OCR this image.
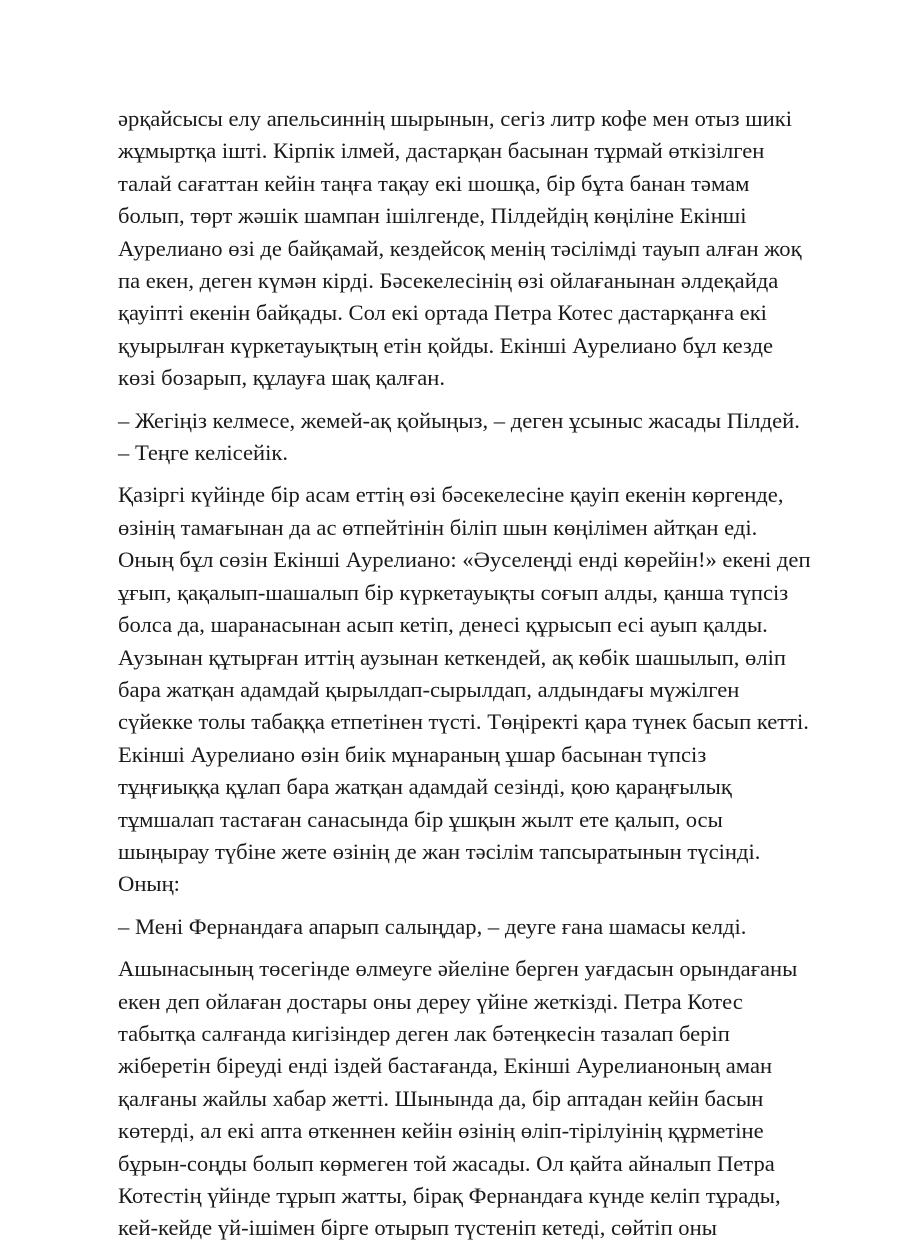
әрқайсысы елу апельсиннің шырынын, сегіз литр кофе мен отыз шикі
жұмыртқа ішті. Кірпік ілмей, дастарқан басынан тұрмай өткізілген
талай сағаттан кейін таңға тақау екі шошқа, бір бұта банан тәмам
болып, төрт жәшік шампан ішілгенде, Пілдейдің көңіліне Екінші
Аурелиано өзі де байқамай, кездейсоқ менің тәсілімді тауып алған жоқ
па екен, деген күмән кірді. Бәсекелесінің өзі ойлағанынан әлдеқайда
қауіпті екенін байқады. Сол екі ортада Петра Котес дастарқанға екі
қуырылған күркетауықтың етін қойды. Екінші Аурелиано бұл кезде
көзі бозарып, құлауға шақ қалған.

– Жегіңіз келмесе, жемей-ақ қойыңыз, – деген ұсыныс жасады Пілдей.
– Теңге келісейік.

Қазіргі күйінде бір асам еттің өзі бәсекелесіне қауіп екенін көргенде,
өзінің тамағынан да ас өтпейтінін біліп шын көңілімен айтқан еді.
Оның бұл сөзін Екінші Аурелиано: «Әуселеңді енді көрейін!» екені деп
ұғып, қақалып-шашалып бір күркетауықты соғып алды, қанша түпсіз
болса да, шаранасынан асып кетіп, денесі құрысып есі ауып қалды.
Аузынан құтырған иттің аузынан кеткендей, ақ көбік шашылып, өліп
бара жатқан адамдай қырылдап-сырылдап, алдындағы мүжілген
сүйекке толы табаққа етпетінен түсті. Төңіректі қара түнек басып кетті.
Екінші Аурелиано өзін биік мұнараның ұшар басынан түпсіз
тұңғиыққа құлап бара жатқан адамдай сезінді, қою қараңғылық
тұмшалап тастаған санасында бір ұшқын жылт ете қалып, осы
шыңырау түбіне жете өзінің де жан тәсілім тапсыратынын түсінді.
Оның:

– Мені Фернандаға апарып салыңдар, – деуге ғана шамасы келді.

Ашынасының төсегінде өлмеуге әйеліне берген уағдасын орындағаны
екен деп ойлаған достары оны дереу үйіне жеткізді. Петра Котес
табытқа салғанда кигізіндер деген лак бәтеңкесін тазалап беріп
жіберетін біреуді енді іздей бастағанда, Екінші Аурелианоның аман
қалғаны жайлы хабар жетті. Шынында да, бір аптадан кейін басын
көтерді, ал екі апта өткеннен кейін өзінің өліп-тірілуінің құрметіне
бұрын-соңды болып көрмеген той жасады. Ол қайта айналып Петра
Котестің үйінде тұрып жатты, бірақ Фернандаға күнде келіп тұрады,
кей-кейде үй-ішімен бірге отырып түстеніп кетеді, сөйтіп оны
